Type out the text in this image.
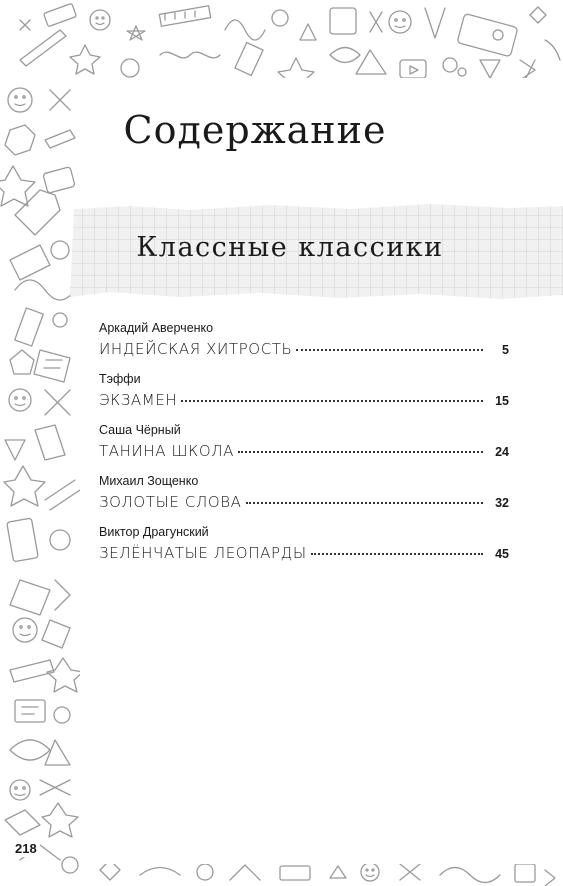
Содержание
Классные классики
Аркадий Аверченко
ИНДЕЙСКАЯ ХИТРОСТЬ	5
Тэффи
ЭКЗАМЕН	15
Саша Чёрный
ТАНИНА ШКОЛА	24
Михаил Зощенко
ЗОЛОТЫЕ СЛОВА	32
Виктор Драгунский
ЗЕЛЁНЧАТЫЕ ЛЕОПАРДЫ	45
218
